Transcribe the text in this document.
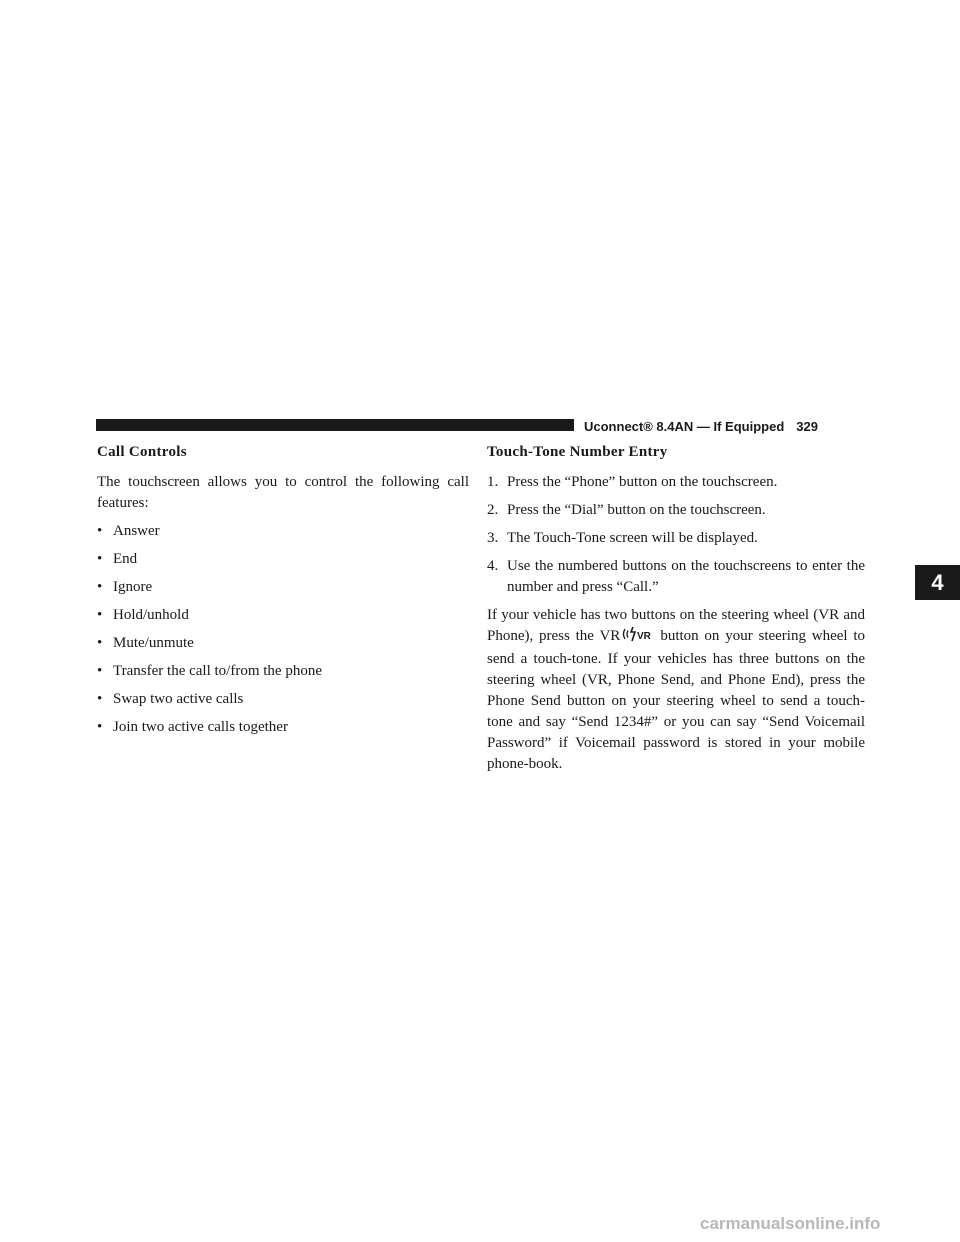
Uconnect® 8.4AN — If Equipped 329
Call Controls

The touchscreen allows you to control the following call features:

• Answer
• End
• Ignore
• Hold/unhold
• Mute/unmute
• Transfer the call to/from the phone
• Swap two active calls
• Join two active calls together
Touch-Tone Number Entry
1. Press the “Phone” button on the touchscreen.
2. Press the “Dial” button on the touchscreen.
3. The Touch-Tone screen will be displayed.
4. Use the numbered buttons on the touchscreens to enter the number and press “Call.”

If your vehicle has two buttons on the steering wheel (VR and Phone), press the VR VR button on your steering wheel to send a touch-tone. If your vehicles has three buttons on the steering wheel (VR, Phone Send, and Phone End), press the Phone Send button on your steering wheel to send a touch-tone and say “Send 1234#” or you can say “Send Voicemail Password” if Voicemail password is stored in your mobile phone-book.

4
carmanualsonline.info
